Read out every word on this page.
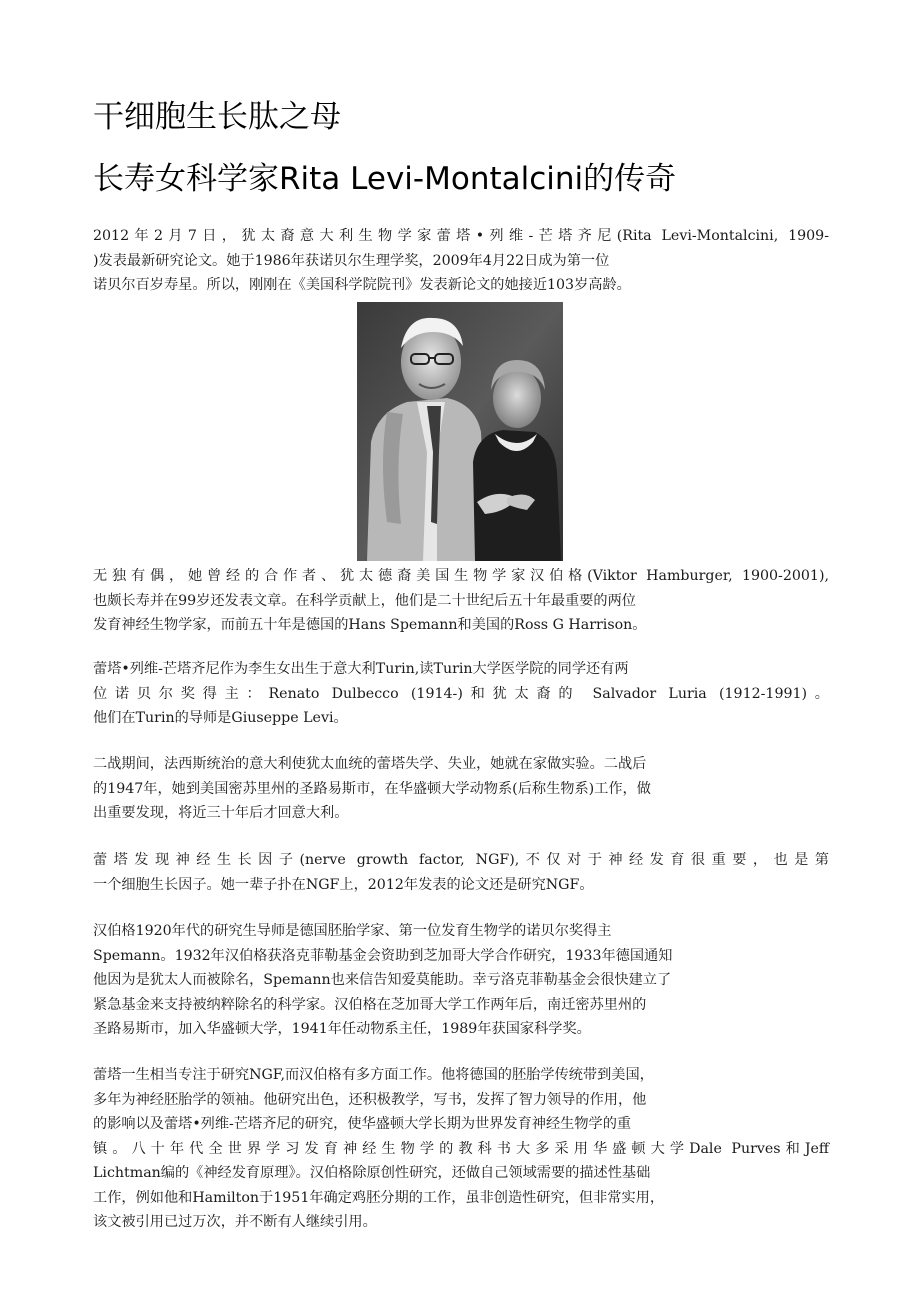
干细胞生长肽之母
长寿女科学家Rita Levi-Montalcini的传奇
2012年2月7日，犹太裔意大利生物学家蕾塔•列维-芒塔齐尼(Rita Levi-Montalcini, 1909-
)发表最新研究论文。她于1986年获诺贝尔生理学奖，2009年4月22日成为第一位
诺贝尔百岁寿星。所以，刚刚在《美国科学院院刊》发表新论文的她接近103岁高龄。
无独有偶，她曾经的合作者、犹太德裔美国生物学家汉伯格(Viktor Hamburger, 1900-2001),
也颇长寿并在99岁还发表文章。在科学贡献上，他们是二十世纪后五十年最重要的两位
发育神经生物学家，而前五十年是德国的Hans Spemann和美国的Ross G Harrison。
蕾塔•列维-芒塔齐尼作为李生女出生于意大利Turin,读Turin大学医学院的同学还有两
位诺贝尔奖得主：Renato Dulbecco (1914-)和犹太裔的 Salvador Luria (1912-1991)。
他们在Turin的导师是Giuseppe Levi。
二战期间，法西斯统治的意大利使犹太血统的蕾塔失学、失业，她就在家做实验。二战后
的1947年，她到美国密苏里州的圣路易斯市，在华盛顿大学动物系(后称生物系)工作，做
出重要发现，将近三十年后才回意大利。
蕾塔发现神经生长因子(nerve growth factor, NGF),不仅对于神经发育很重要，也是第
一个细胞生长因子。她一辈子扑在NGF上，2012年发表的论文还是研究NGF。
汉伯格1920年代的研究生导师是德国胚胎学家、第一位发育生物学的诺贝尔奖得主
Spemann。1932年汉伯格获洛克菲勒基金会资助到芝加哥大学合作研究，1933年德国通知
他因为是犹太人而被除名，Spemann也来信告知爱莫能助。幸亏洛克菲勒基金会很快建立了
紧急基金来支持被纳粹除名的科学家。汉伯格在芝加哥大学工作两年后，南迁密苏里州的
圣路易斯市，加入华盛顿大学，1941年任动物系主任，1989年获国家科学奖。
蕾塔一生相当专注于研究NGF,而汉伯格有多方面工作。他将德国的胚胎学传统带到美国，
多年为神经胚胎学的领袖。他研究出色，还积极教学，写书，发挥了智力领导的作用，他
的影响以及蕾塔•列维-芒塔齐尼的研究，使华盛顿大学长期为世界发育神经生物学的重
镇。八十年代全世界学习发育神经生物学的教科书大多采用华盛顿大学Dale Purves和Jeff
Lichtman编的《神经发育原理》。汉伯格除原创性研究，还做自己领域需要的描述性基础
工作，例如他和Hamilton于1951年确定鸡胚分期的工作，虽非创造性研究，但非常实用，
该文被引用已过万次，并不断有人继续引用。
